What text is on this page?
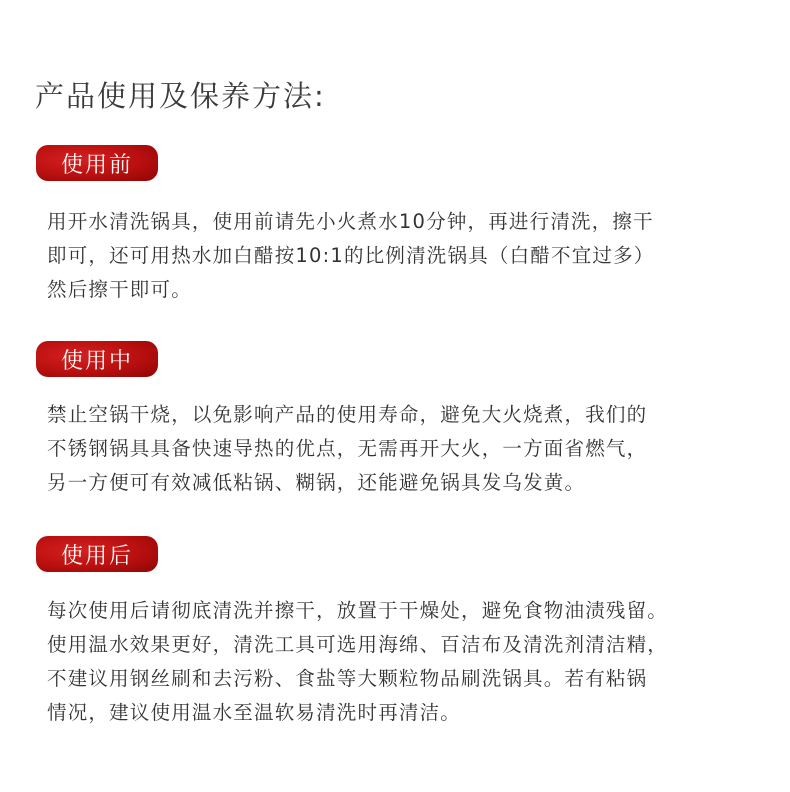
产品使用及保养方法:
使用前
用开水清洗锅具，使用前请先小火煮水10分钟，再进行清洗，擦干
即可，还可用热水加白醋按10:1的比例清洗锅具（白醋不宜过多）
然后擦干即可。
使用中
禁止空锅干烧，以免影响产品的使用寿命，避免大火烧煮，我们的
不锈钢锅具具备快速导热的优点，无需再开大火，一方面省燃气，
另一方便可有效减低粘锅、糊锅，还能避免锅具发乌发黄。
使用后
每次使用后请彻底清洗并擦干，放置于干燥处，避免食物油渍残留。
使用温水效果更好，清洗工具可选用海绵、百洁布及清洗剂清洁精，
不建议用钢丝刷和去污粉、食盐等大颗粒物品刷洗锅具。若有粘锅
情况，建议使用温水至温软易清洗时再清洁。
